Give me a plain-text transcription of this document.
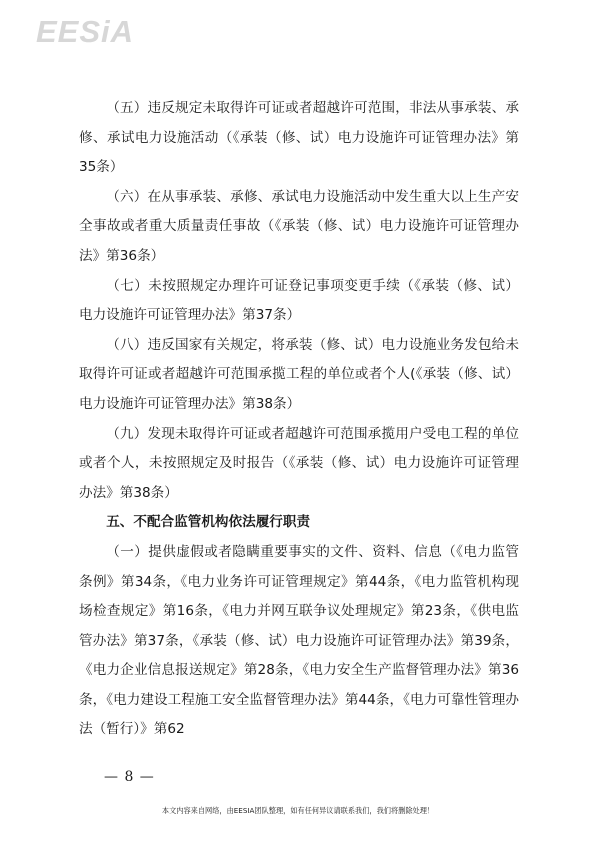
EESiA

（五）违反规定未取得许可证或者超越许可范围，非法从事承装、承修、承试电力设施活动（《承装（修、试）电力设施许可证管理办法》第35条）

（六）在从事承装、承修、承试电力设施活动中发生重大以上生产安全事故或者重大质量责任事故（《承装（修、试）电力设施许可证管理办法》第36条）

（七）未按照规定办理许可证登记事项变更手续（《承装（修、试）电力设施许可证管理办法》第37条）

（八）违反国家有关规定，将承装（修、试）电力设施业务发包给未取得许可证或者超越许可范围承揽工程的单位或者个人(《承装（修、试）电力设施许可证管理办法》第38条）

（九）发现未取得许可证或者超越许可范围承揽用户受电工程的单位或者个人，未按照规定及时报告（《承装（修、试）电力设施许可证管理办法》第38条）

五、不配合监管机构依法履行职责

（一）提供虚假或者隐瞒重要事实的文件、资料、信息（《电力监管条例》第34条，《电力业务许可证管理规定》第44条，《电力监管机构现场检查规定》第16条，《电力并网互联争议处理规定》第23条，《供电监管办法》第37条，《承装（修、试）电力设施许可证管理办法》第39条，《电力企业信息报送规定》第28条，《电力安全生产监督管理办法》第36条，《电力建设工程施工安全监督管理办法》第44条，《电力可靠性管理办法（暂行）》第62

— 8 —
本文内容来自网络，由EESIA团队整理，如有任何异议请联系我们，我们将删除处理！
